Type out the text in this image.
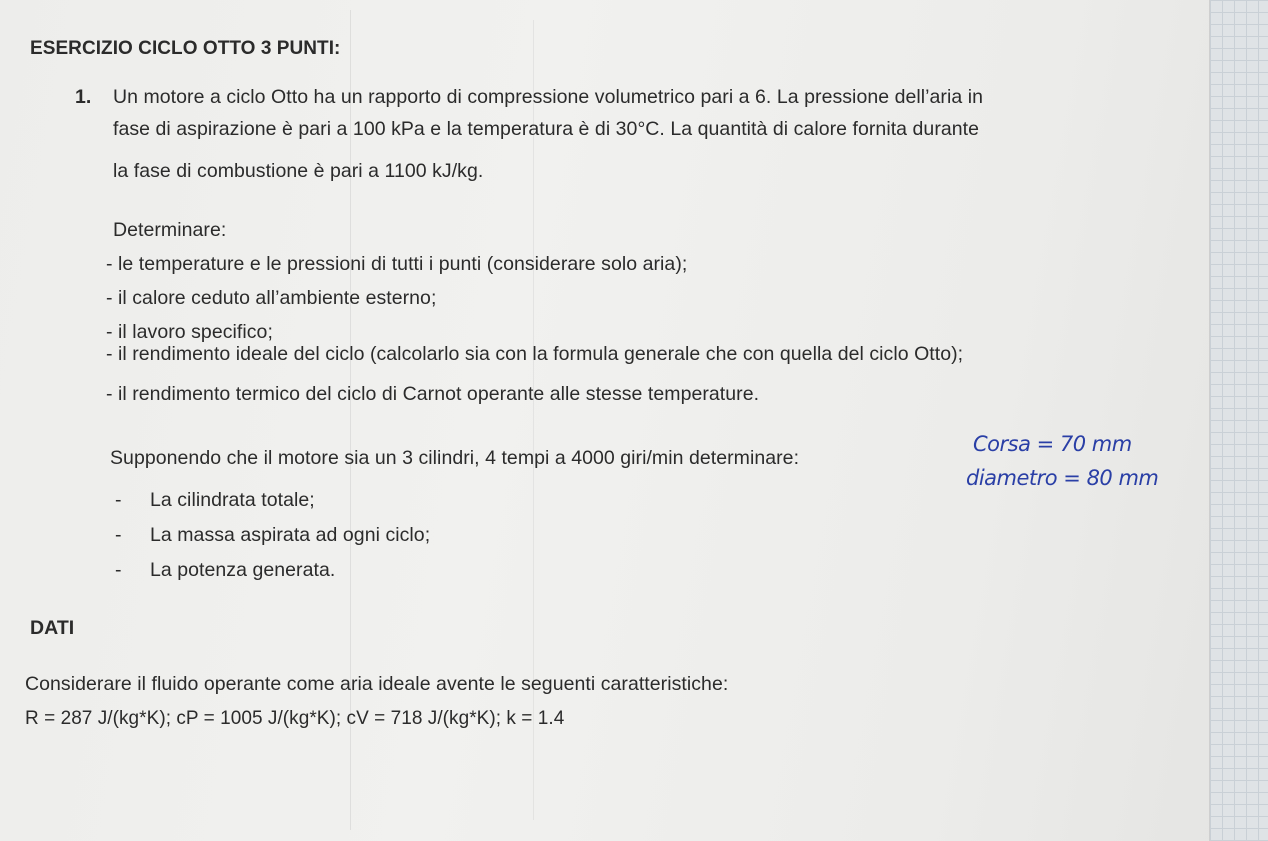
ESERCIZIO CICLO OTTO 3 PUNTI:
1. Un motore a ciclo Otto ha un rapporto di compressione volumetrico pari a 6. La pressione dell’aria in
fase di aspirazione è pari a 100 kPa e la temperatura è di 30°C. La quantità di calore fornita durante
la fase di combustione è pari a 1100 kJ/kg.
Determinare:
- le temperature e le pressioni di tutti i punti (considerare solo aria);
- il calore ceduto all’ambiente esterno;
- il lavoro specifico;
- il rendimento ideale del ciclo (calcolarlo sia con la formula generale che con quella del ciclo Otto);
- il rendimento termico del ciclo di Carnot operante alle stesse temperature.
Supponendo che il motore sia un 3 cilindri, 4 tempi a 4000 giri/min determinare:
Corsa = 70 mm
diametro = 80 mm
- La cilindrata totale;
- La massa aspirata ad ogni ciclo;
- La potenza generata.
DATI
Considerare il fluido operante come aria ideale avente le seguenti caratteristiche:
R = 287 J/(kg*K); cP = 1005 J/(kg*K); cV = 718 J/(kg*K); k = 1.4
